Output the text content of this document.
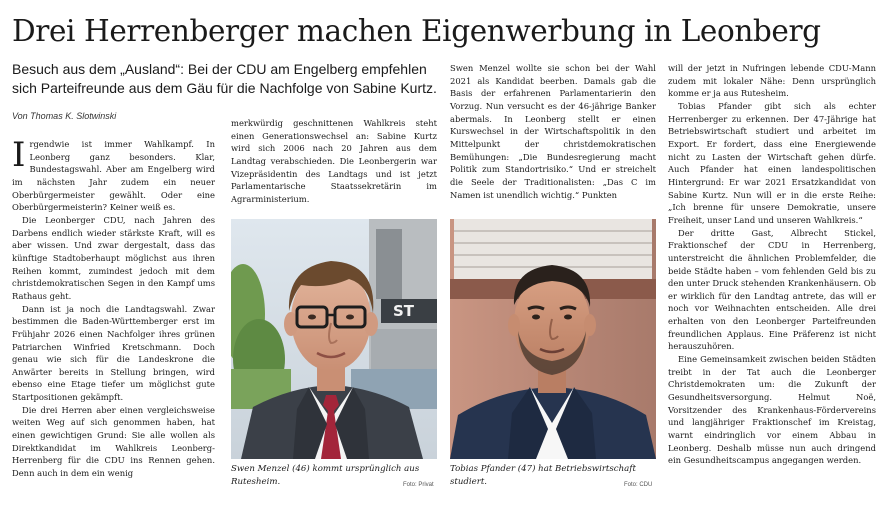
Drei Herrenberger machen Eigenwerbung in Leonberg

Besuch aus dem „Ausland“: Bei der CDU am Engelberg empfehlen sich Parteifreunde aus dem Gäu für die Nachfolge von Sabine Kurtz.

Von Thomas K. Slotwinski

Irgendwie ist immer Wahlkampf. In Leonberg ganz besonders. Klar, Bundestagswahl. Aber am Engelberg wird im nächsten Jahr zudem ein neuer Oberbürgermeister gewählt. Oder eine Oberbürgermeisterin? Keiner weiß es.

Die Leonberger CDU, nach Jahren des Darbens endlich wieder stärkste Kraft, will es aber wissen. Und zwar dergestalt, dass das künftige Stadtoberhaupt möglichst aus ihren Reihen kommt, zumindest jedoch mit dem christdemokratischen Segen in den Kampf ums Rathaus geht.

Dann ist ja noch die Landtagswahl. Zwar bestimmen die Baden-Württemberger erst im Frühjahr 2026 einen Nachfolger ihres grünen Patriarchen Winfried Kretschmann. Doch genau wie sich für die Landeskrone die Anwärter bereits in Stellung bringen, wird ebenso eine Etage tiefer um möglichst gute Startpositionen gekämpft.

Die drei Herren aber einen vergleichsweise weiten Weg auf sich genommen haben, hat einen gewichtigen Grund: Sie alle wollen als Direktkandidat im Wahlkreis Leonberg-Herrenberg für die CDU ins Rennen gehen. Denn auch in dem ein wenig

merkwürdig geschnittenen Wahlkreis steht einen Generationswechsel an: Sabine Kurtz wird sich 2006 nach 20 Jahren aus dem Landtag verabschieden. Die Leonbergerin war Vizepräsidentin des Landtags und ist jetzt Parlamentarische Staatssekretärin im Agrarministerium.

Swen Menzel wollte sie schon bei der Wahl 2021 als Kandidat beerben. Damals gab die Basis der erfahrenen Parlamentarierin den Vorzug. Nun versucht es der 46-jährige Banker abermals. In Leonberg stellt er einen Kurswechsel in der Wirtschaftspolitik in den Mittelpunkt der christdemokratischen Bemühungen: „Die Bundesregierung macht Politik zum Standortrisiko.“ Und er streichelt die Seele der Traditionalisten: „Das C im Namen ist unendlich wichtig.“ Punkten

will der jetzt in Nufringen lebende CDU-Mann zudem mit lokaler Nähe: Denn ursprünglich komme er ja aus Rutesheim.

Tobias Pfander gibt sich als echter Herrenberger zu erkennen. Der 47-Jährige hat Betriebswirtschaft studiert und arbeitet im Export. Er fordert, dass eine Energiewende nicht zu Lasten der Wirtschaft gehen dürfe. Auch Pfander hat einen landespolitischen Hintergrund: Er war 2021 Ersatzkandidat von Sabine Kurtz. Nun will er in die erste Reihe: „Ich brenne für unsere Demokratie, unsere Freiheit, unser Land und unseren Wahlkreis.“

Der dritte Gast, Albrecht Stickel, Fraktionschef der CDU in Herrenberg, unterstreicht die ähnlichen Problemfelder, die beide Städte haben – vom fehlenden Geld bis zu den unter Druck stehenden Krankenhäusern. Ob er wirklich für den Landtag antrete, das will er noch vor Weihnachten entscheiden. Alle drei erhalten von den Leonberger Parteifreunden freundlichen Applaus. Eine Präferenz ist nicht herauszuhören.

Eine Gemeinsamkeit zwischen beiden Städten treibt in der Tat auch die Leonberger Christdemokraten um: die Zukunft der Gesundheitsversorgung. Helmut Noë, Vorsitzender des Krankenhaus-Fördervereins und langjähriger Fraktionschef im Kreistag, warnt eindringlich vor einem Abbau in Leonberg. Deshalb müsse nun auch dringend ein Gesundheitscampus angegangen werden.

ST

Swen Menzel (46) kommt ursprünglich aus Rutesheim.	Foto: Privat

Tobias Pfander (47) hat Betriebswirtschaft studiert.	Foto: CDU
